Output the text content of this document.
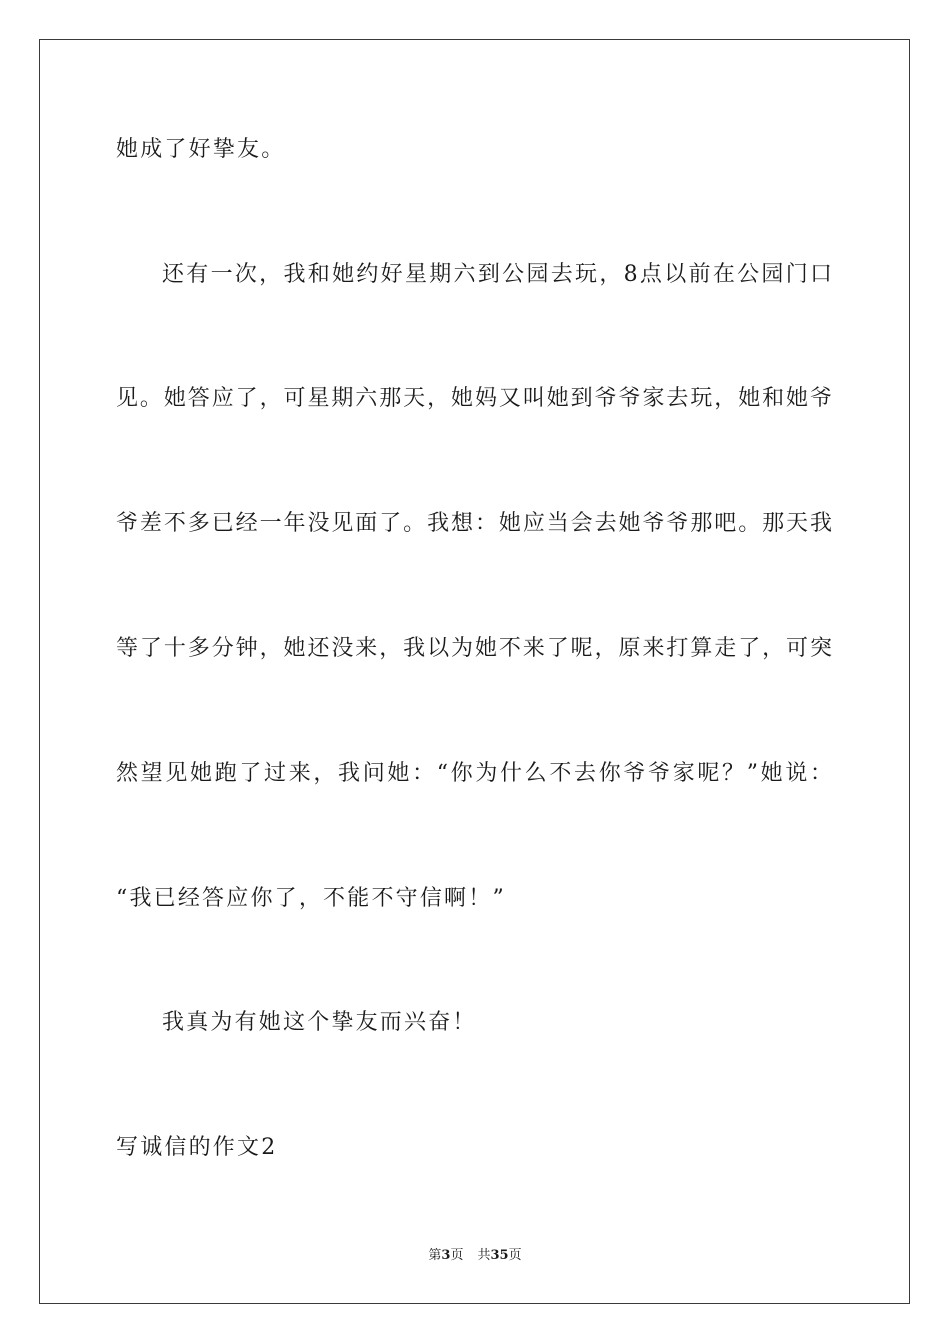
她成了好挚友。
还有一次，我和她约好星期六到公园去玩，8点以前在公园门口
见。她答应了，可星期六那天，她妈又叫她到爷爷家去玩，她和她爷
爷差不多已经一年没见面了。我想：她应当会去她爷爷那吧。那天我
等了十多分钟，她还没来，我以为她不来了呢，原来打算走了，可突
然望见她跑了过来，我问她：“你为什么不去你爷爷家呢？”她说：
“我已经答应你了，不能不守信啊！”
我真为有她这个挚友而兴奋！
写诚信的作文2
第3页 共35页
